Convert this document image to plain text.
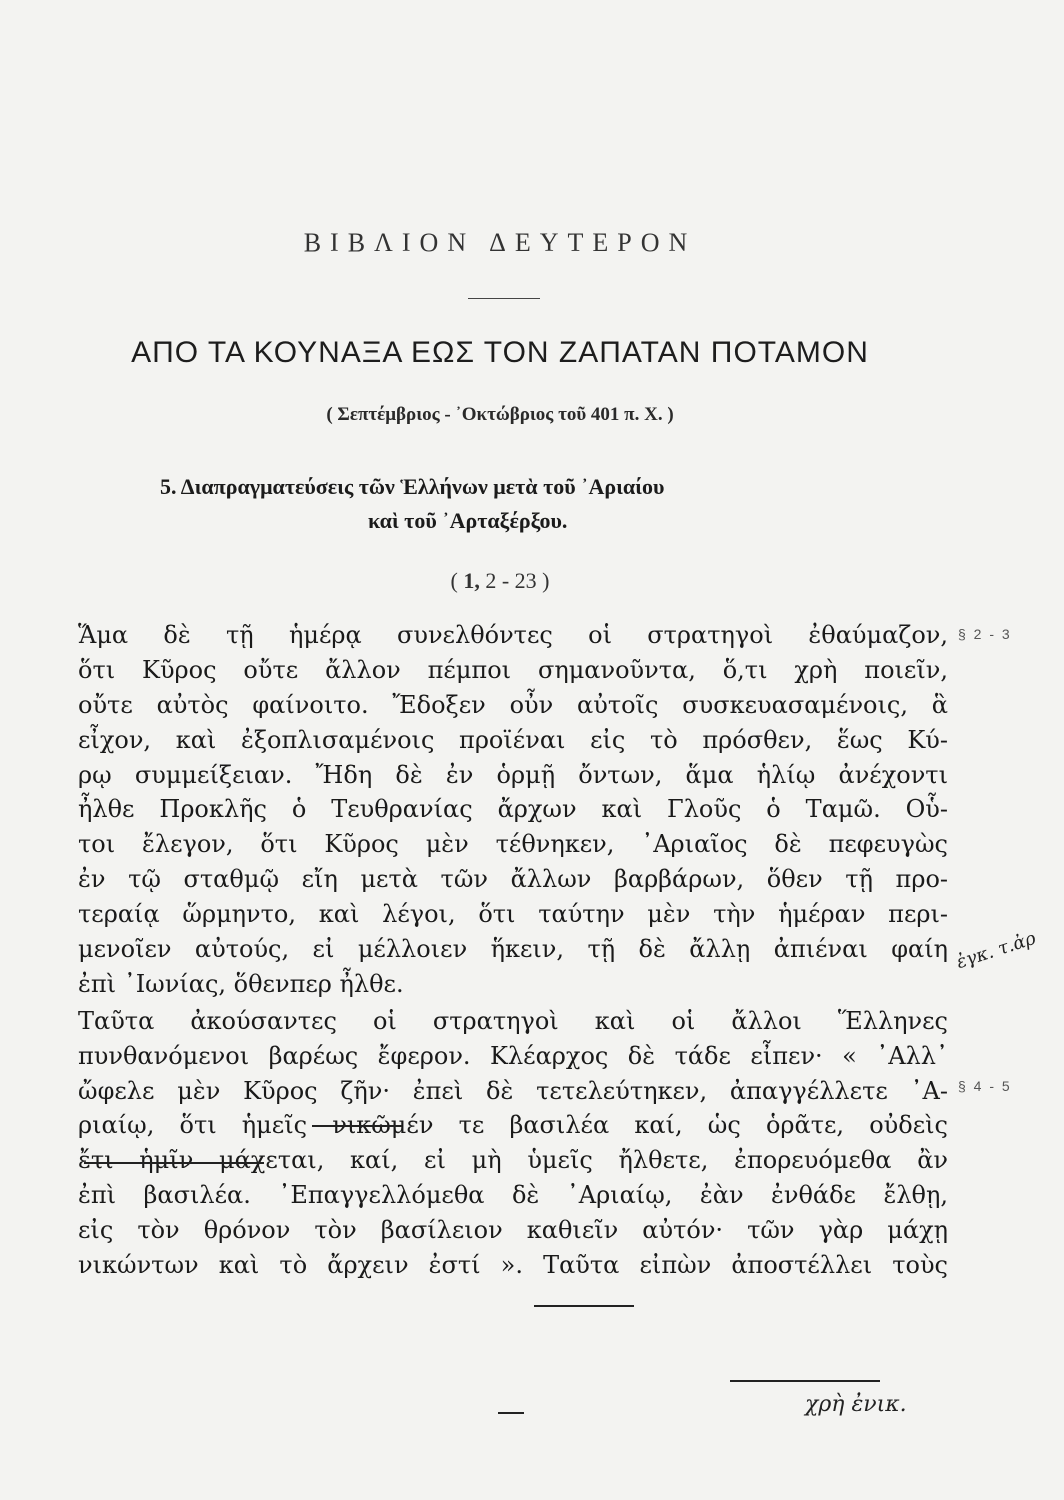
ΒΙΒΛΙΟΝ ΔΕΥΤΕΡΟΝ
ΑΠΟ ΤΑ ΚΟΥΝΑΞΑ ΕΩΣ ΤΟΝ ΖΑΠΑΤΑΝ ΠΟΤΑΜΟΝ
( Σεπτέμβριος - ᾿Οκτώβριος τοῦ 401 π. Χ. )
5. Διαπραγματεύσεις τῶν Ἑλλήνων μετὰ τοῦ ᾿Αριαίου
καὶ τοῦ ᾿Αρταξέρξου.
( 1, 2 - 23 )
Ἅμα δὲ τῇ ἡμέρᾳ συνελθόντες οἱ στρατηγοὶ ἐθαύμαζον,
ὅτι Κῦρος οὔτε ἄλλον πέμποι σημανοῦντα, ὅ,τι χρὴ ποιεῖν,
οὔτε αὐτὸς φαίνοιτο. Ἔδοξεν οὖν αὐτοῖς συσκευασαμένοις, ἃ
εἶχον, καὶ ἐξοπλισαμένοις προϊέναι εἰς τὸ πρόσθεν, ἕως Κύ-
ρῳ συμμείξειαν. Ἤδη δὲ ἐν ὁρμῇ ὄντων, ἅμα ἡλίῳ ἀνέχοντι
ἦλθε Προκλῆς ὁ Τευθρανίας ἄρχων καὶ Γλοῦς ὁ Ταμῶ. Οὗ-
τοι ἔλεγον, ὅτι Κῦρος μὲν τέθνηκεν, ᾿Αριαῖος δὲ πεφευγὼς
ἐν τῷ σταθμῷ εἴη μετὰ τῶν ἄλλων βαρβάρων, ὅθεν τῇ προ-
τεραίᾳ ὥρμηντο, καὶ λέγοι, ὅτι ταύτην μὲν τὴν ἡμέραν περι-
μενοῖεν αὐτούς, εἰ μέλλοιεν ἥκειν, τῇ δὲ ἄλλῃ ἀπιέναι φαίη
ἐπὶ ᾿Ιωνίας, ὅθενπερ ἦλθε.
Ταῦτα ἀκούσαντες οἱ στρατηγοὶ καὶ οἱ ἄλλοι Ἕλληνες
πυνθανόμενοι βαρέως ἔφερον. Κλέαρχος δὲ τάδε εἶπεν· « ᾿Αλλ᾿
ὤφελε μὲν Κῦρος ζῆν· ἐπεὶ δὲ τετελεύτηκεν, ἀπαγγέλλετε ᾿Α-
ριαίῳ, ὅτι ἡμεῖς νικῶμέν τε βασιλέα καί, ὡς ὁρᾶτε, οὐδεὶς
ἔτι ἡμῖν μάχεται, καί, εἰ μὴ ὑμεῖς ἤλθετε, ἐπορευόμεθα ἂν
ἐπὶ βασιλέα. ᾿Επαγγελλόμεθα δὲ ᾿Αριαίῳ, ἐὰν ἐνθάδε ἔλθῃ,
εἰς τὸν θρόνον τὸν βασίλειον καθιεῖν αὐτόν· τῶν γὰρ μάχῃ
νικώντων καὶ τὸ ἄρχειν ἐστί ». Ταῦτα εἰπὼν ἀποστέλλει τοὺς
§ 2 - 3
§ 4 - 5
ἐγκ. τ.ἀρ
χρὴ ἐνικ.
